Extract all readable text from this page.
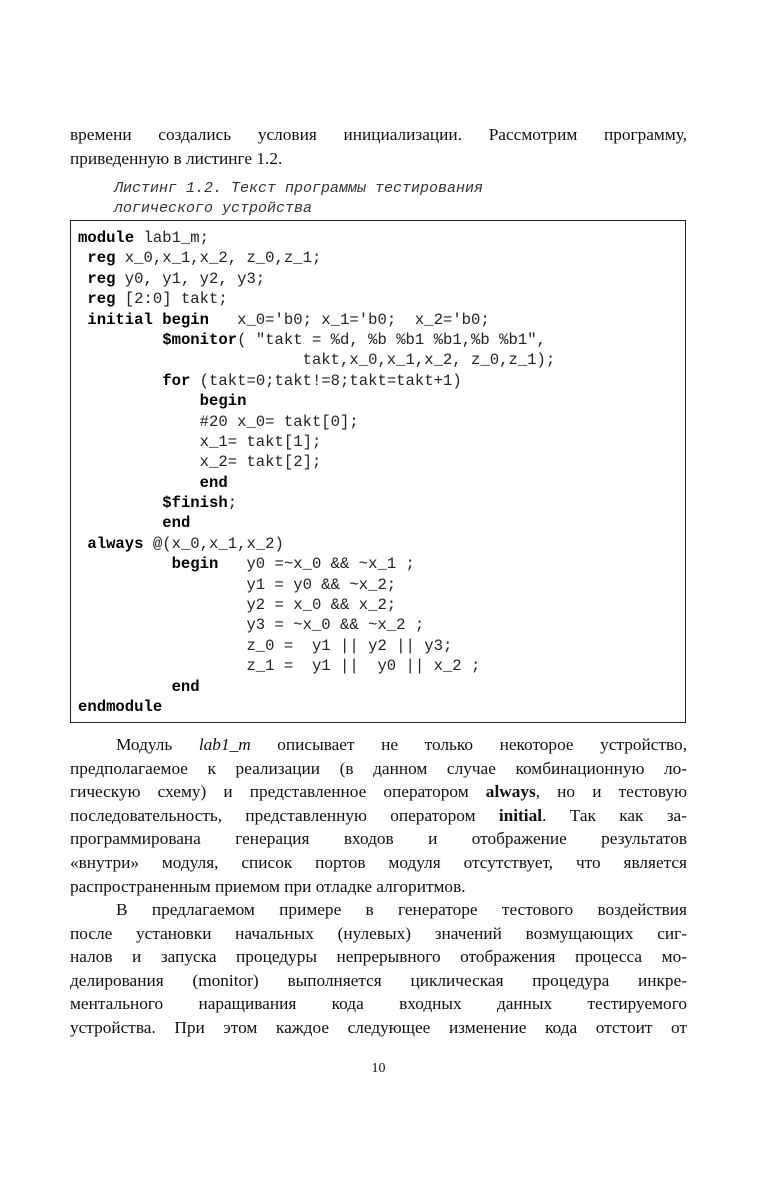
времени создались условия инициализации. Рассмотрим программу,
приведенную в листинге 1.2.
Листинг 1.2. Текст программы тестирования
логического устройства
module lab1_m;
reg x_0,x_1,x_2, z_0,z_1;
reg y0, y1, y2, y3;
reg [2:0] takt;
initial begin   x_0='b0; x_1='b0;  x_2='b0;
$monitor( "takt = %d, %b %b1 %b1,%b %b1",
takt,x_0,x_1,x_2, z_0,z_1);
for (takt=0;takt!=8;takt=takt+1)
begin
#20 x_0= takt[0];
x_1= takt[1];
x_2= takt[2];
end
$finish;
end
always @(x_0,x_1,x_2)
begin   y0 =~x_0 && ~x_1 ;
y1 = y0 && ~x_2;
y2 = x_0 && x_2;
y3 = ~x_0 && ~x_2 ;
z_0 =  y1 || y2 || y3;
z_1 =  y1 ||  y0 || x_2 ;
end
endmodule
Модуль lab1_m описывает не только некоторое устройство,
предполагаемое к реализации (в данном случае комбинационную ло-
гическую схему) и представленное оператором always, но и тестовую
последовательность, представленную оператором initial. Так как за-
программирована генерация входов и отображение результатов
«внутри» модуля, список портов модуля отсутствует, что является
распространенным приемом при отладке алгоритмов.
В предлагаемом примере в генераторе тестового воздействия
после установки начальных (нулевых) значений возмущающих сиг-
налов и запуска процедуры непрерывного отображения процесса мо-
делирования (monitor) выполняется циклическая процедура инкре-
ментального наращивания кода входных данных тестируемого
устройства. При этом каждое следующее изменение кода отстоит от
10
